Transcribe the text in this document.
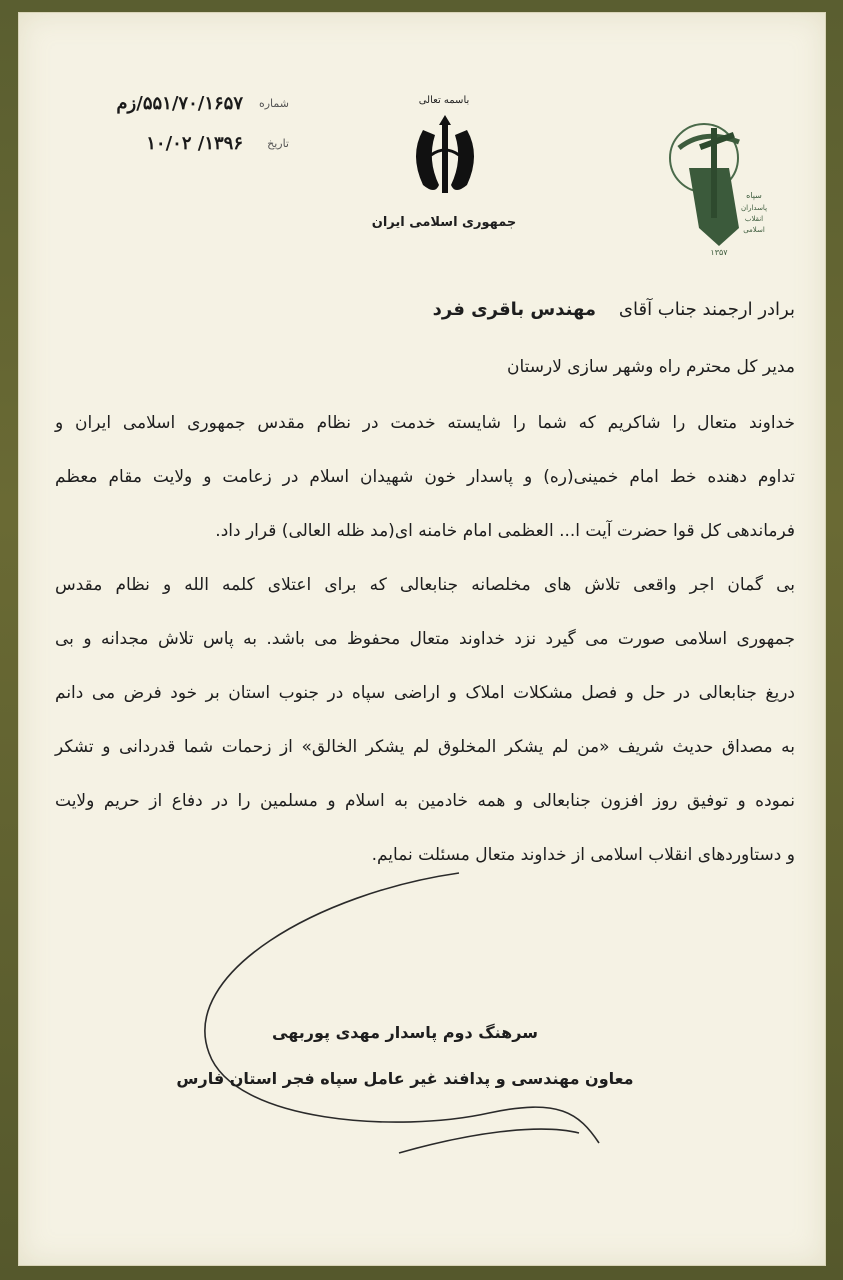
سپاه
پاسداران
انقلاب
اسلامی
۱۳۵۷
باسمه تعالی
جمهوری اسلامی ایران
شماره
۵۵۱/۷۰/۱۶۵۷/زم
تاریخ
۱۳۹۶/ ۱۰/۰۲
برادر ارجمند جناب آقای    مهندس باقری فرد
مدیر کل محترم راه وشهر سازی لارستان
خداوند متعال را شاکریم که شما را شایسته خدمت در نظام مقدس جمهوری اسلامی ایران و
تداوم دهنده خط امام خمینی(ره) و پاسدار خون شهیدان اسلام در زعامت و ولایت مقام معظم
فرماندهی کل قوا حضرت آیت ا... العظمی امام خامنه ای(مد ظله العالی) قرار داد.
بی گمان اجر واقعی تلاش های مخلصانه جنابعالی که برای اعتلای کلمه الله و نظام مقدس
جمهوری اسلامی صورت می گیرد نزد خداوند متعال محفوظ می باشد. به پاس تلاش مجدانه و بی
دریغ جنابعالی در حل و فصل مشکلات املاک و اراضی سپاه در جنوب استان بر خود فرض می دانم
به مصداق حدیث شریف «من لم یشکر المخلوق لم یشکر الخالق» از زحمات شما قدردانی و تشکر
نموده و توفیق روز افزون جنابعالی و همه خادمین به اسلام و مسلمین را در دفاع از حریم ولایت
و دستاوردهای انقلاب اسلامی از خداوند متعال مسئلت نمایم.
سرهنگ دوم پاسدار مهدی پوربهی
معاون مهندسی و پدافند غیر عامل سپاه فجر استان فارس
